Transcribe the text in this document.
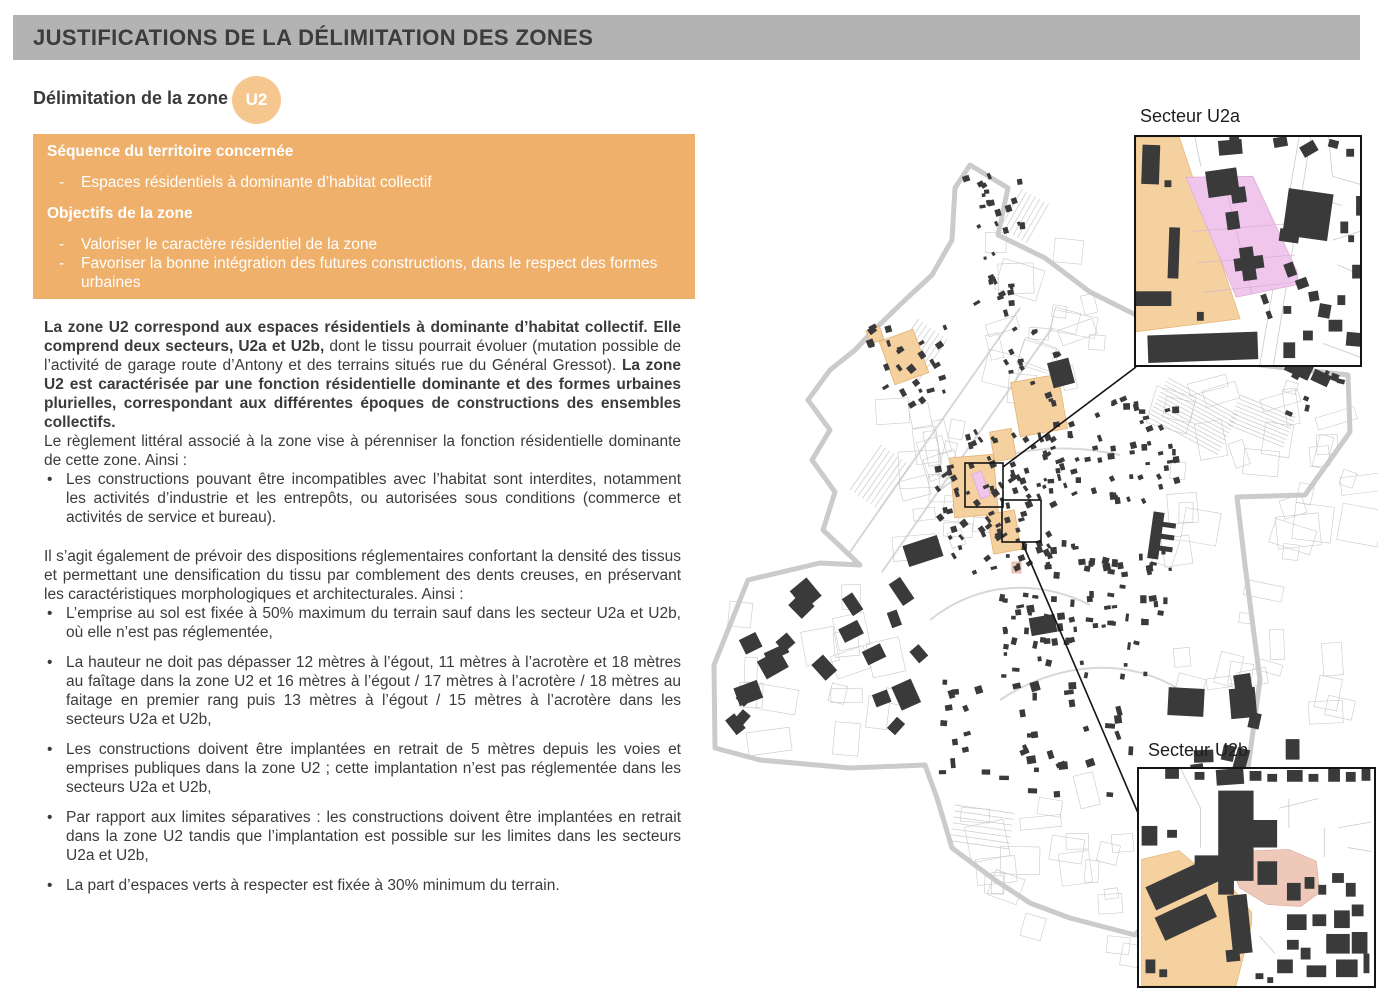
JUSTIFICATIONS DE LA DÉLIMITATION DES ZONES
Délimitation de la zone	U2
Séquence du territoire concernée
- Espaces résidentiels à dominante d’habitat collectif
Objectifs de la zone
- Valoriser le caractère résidentiel de la zone
- Favoriser la bonne intégration des futures constructions, dans le respect des formes urbaines

La zone U2 correspond aux espaces résidentiels à dominante d’habitat collectif. Elle comprend deux secteurs, U2a et U2b, dont le tissu pourrait évoluer (mutation possible de l’activité de garage route d’Antony et des terrains situés rue du Général Gressot). La zone U2 est caractérisée par une fonction résidentielle dominante et des formes urbaines plurielles, correspondant aux différentes époques de constructions des ensembles collectifs.

Le règlement littéral associé à la zone vise à pérenniser la fonction résidentielle dominante de cette zone. Ainsi :

• Les constructions pouvant être incompatibles avec l’habitat sont interdites, notamment les activités d’industrie et les entrepôts, ou autorisées sous conditions (commerce et activités de service et bureau).

Il s’agit également de prévoir des dispositions réglementaires confortant la densité des tissus et permettant une densification du tissu par comblement des dents creuses, en préservant les caractéristiques morphologiques et architecturales. Ainsi :

• L’emprise au sol est fixée à 50% maximum du terrain sauf dans les secteur U2a et U2b, où elle n’est pas réglementée,
• La hauteur ne doit pas dépasser 12 mètres à l’égout, 11 mètres à l’acrotère et 18 mètres au faîtage dans la zone U2 et 16 mètres à l’égout / 17 mètres à l’acrotère / 18 mètres au faitage en premier rang puis 13 mètres à l’égout / 15 mètres à l’acrotère dans les secteurs U2a et U2b,
• Les constructions doivent être implantées en retrait de 5 mètres depuis les voies et emprises publiques dans la zone U2 ; cette implantation n’est pas réglementée dans les secteurs U2a et U2b,
• Par rapport aux limites séparatives : les constructions doivent être implantées en retrait dans la zone U2 tandis que l’implantation est possible sur les limites dans les secteurs U2a et U2b,
• La part d’espaces verts à respecter est fixée à 30% minimum du terrain.
Secteur U2a
Secteur U2b
